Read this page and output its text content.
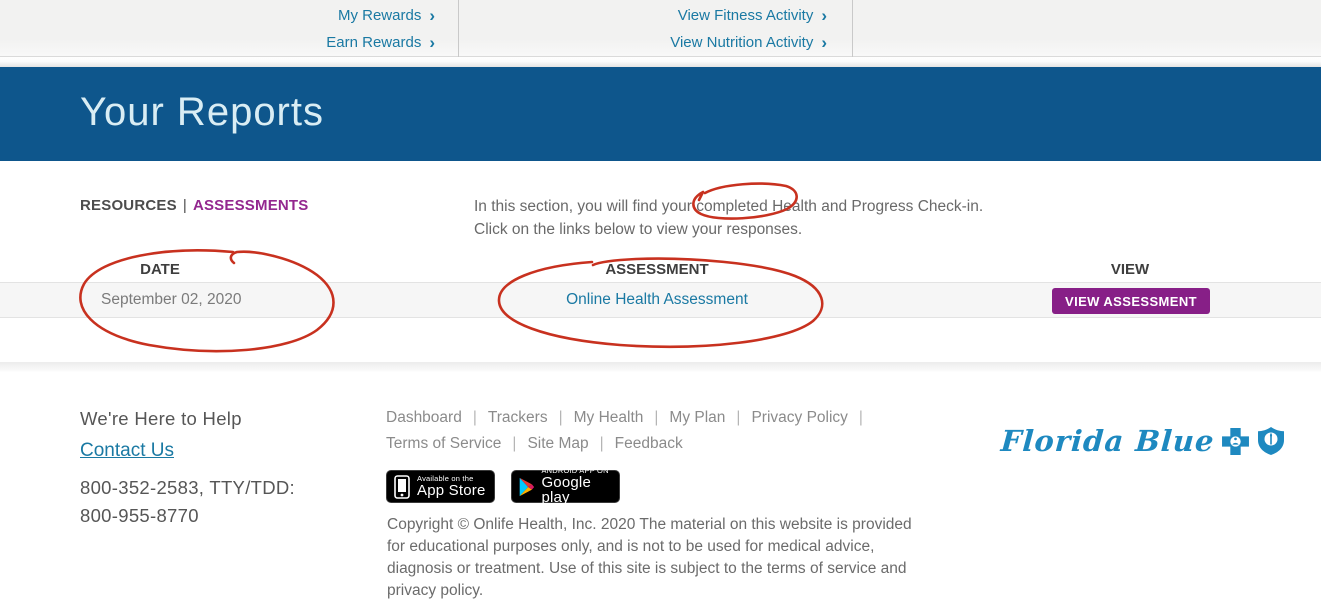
My Rewards ›
Earn Rewards ›
View Fitness Activity ›
View Nutrition Activity ›
Your Reports
RESOURCES | ASSESSMENTS	In this section, you will find your completed Health and Progress Check-in.
Click on the links below to view your responses.
DATE	ASSESSMENT	VIEW
September 02, 2020	Online Health Assessment	VIEW ASSESSMENT
We're Here to Help
Contact Us
800-352-2583, TTY/TDD:
800-955-8770
Dashboard | Trackers | My Health | My Plan | Privacy Policy |
Terms of Service | Site Map | Feedback
Available on the
App Store
ANDROID APP ON
Google play
Copyright © Onlife Health, Inc. 2020 The material on this website is provided
for educational purposes only, and is not to be used for medical advice,
diagnosis or treatment. Use of this site is subject to the terms of service and
privacy policy.
Florida Blue
